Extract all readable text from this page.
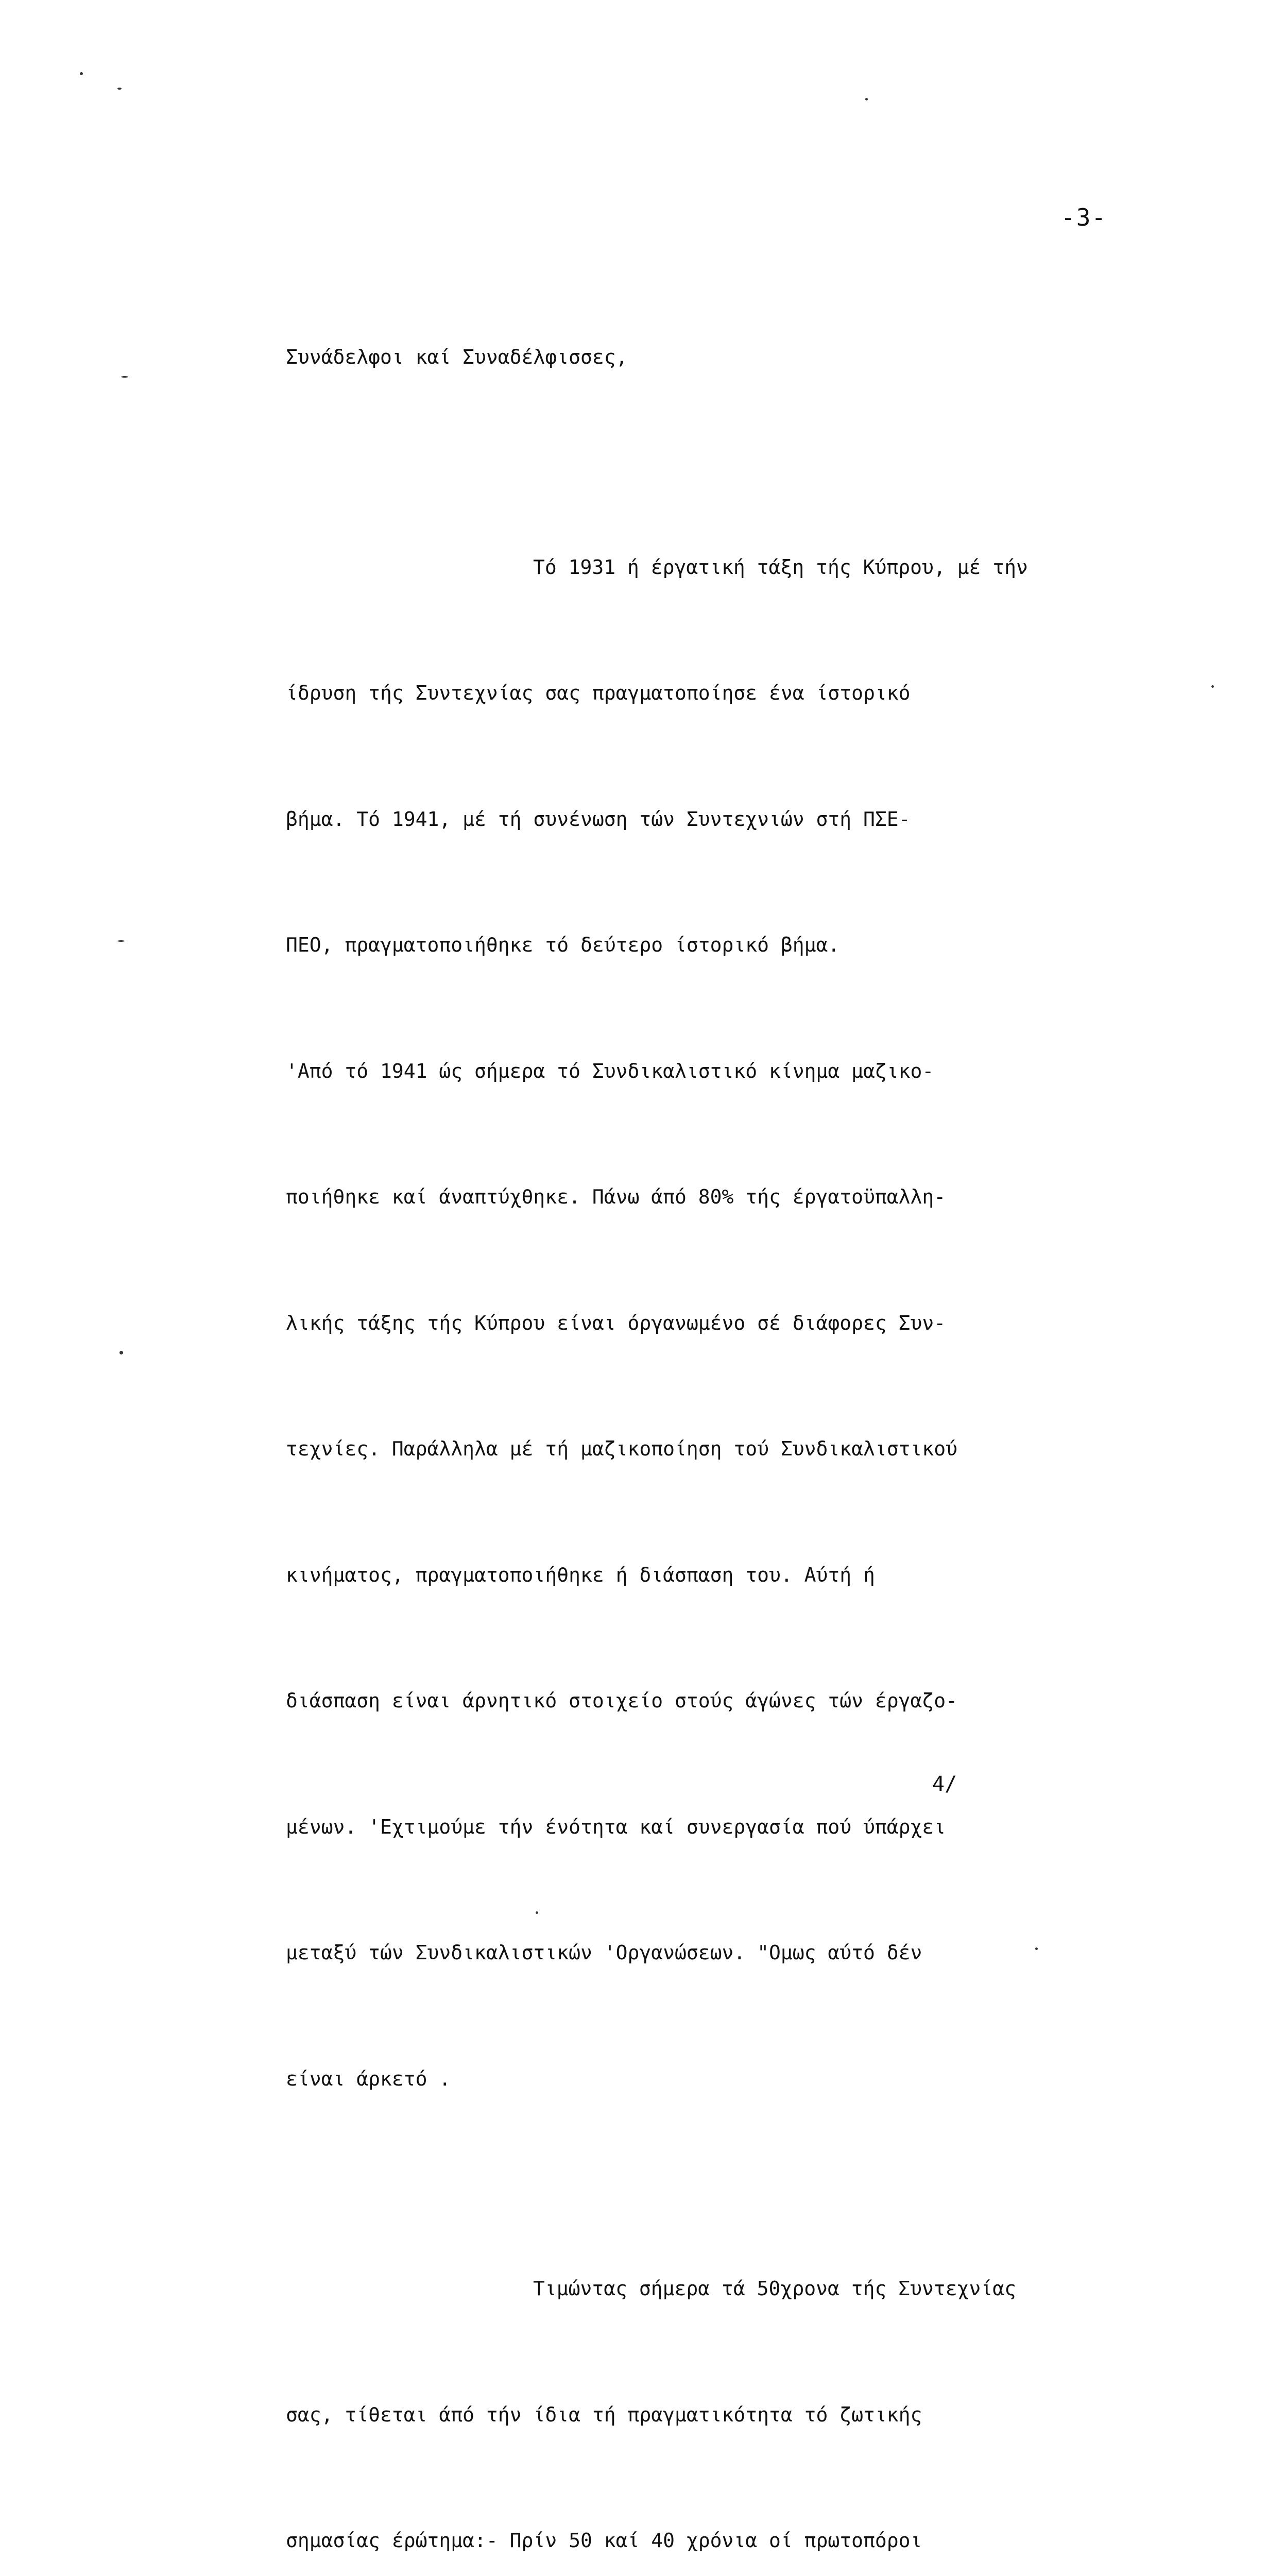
-3-

Συνάδελφοι καί Συναδέλφισσες,

Τό 1931 ή έργατική τάξη τής Κύπρου, μέ τήν

ίδρυση τής Συντεχνίας σας πραγματοποίησε ένα ίστορικό

βήμα. Τό 1941, μέ τή συνένωση τών Συντεχνιών στή ΠΣΕ-

ΠΕΟ, πραγματοποιήθηκε τό δεύτερο ίστορικό βήμα.

'Από τό 1941 ώς σήμερα τό Συνδικαλιστικό κίνημα μαζικο-

ποιήθηκε καί άναπτύχθηκε. Πάνω άπό 80% τής έργατοϋπαλλη-

λικής τάξης τής Κύπρου είναι όργανωμένο σέ διάφορες Συν-

τεχνίες. Παράλληλα μέ τή μαζικοποίηση τού Συνδικαλιστικού

κινήματος, πραγματοποιήθηκε ή διάσπαση του. Αύτή ή

διάσπαση είναι άρνητικό στοιχείο στούς άγώνες τών έργαζο-

μένων. 'Εχτιμούμε τήν ένότητα καί συνεργασία πού ύπάρχει

μεταξύ τών Συνδικαλιστικών 'Οργανώσεων. "Ομως αύτό δέν

είναι άρκετό .

Τιμώντας σήμερα τά 50χρονα τής Συντεχνίας

σας, τίθεται άπό τήν ίδια τή πραγματικότητα τό ζωτικής

σημασίας έρώτημα:- Πρίν 50 καί 40 χρόνια οί πρωτοπόροι

4/
